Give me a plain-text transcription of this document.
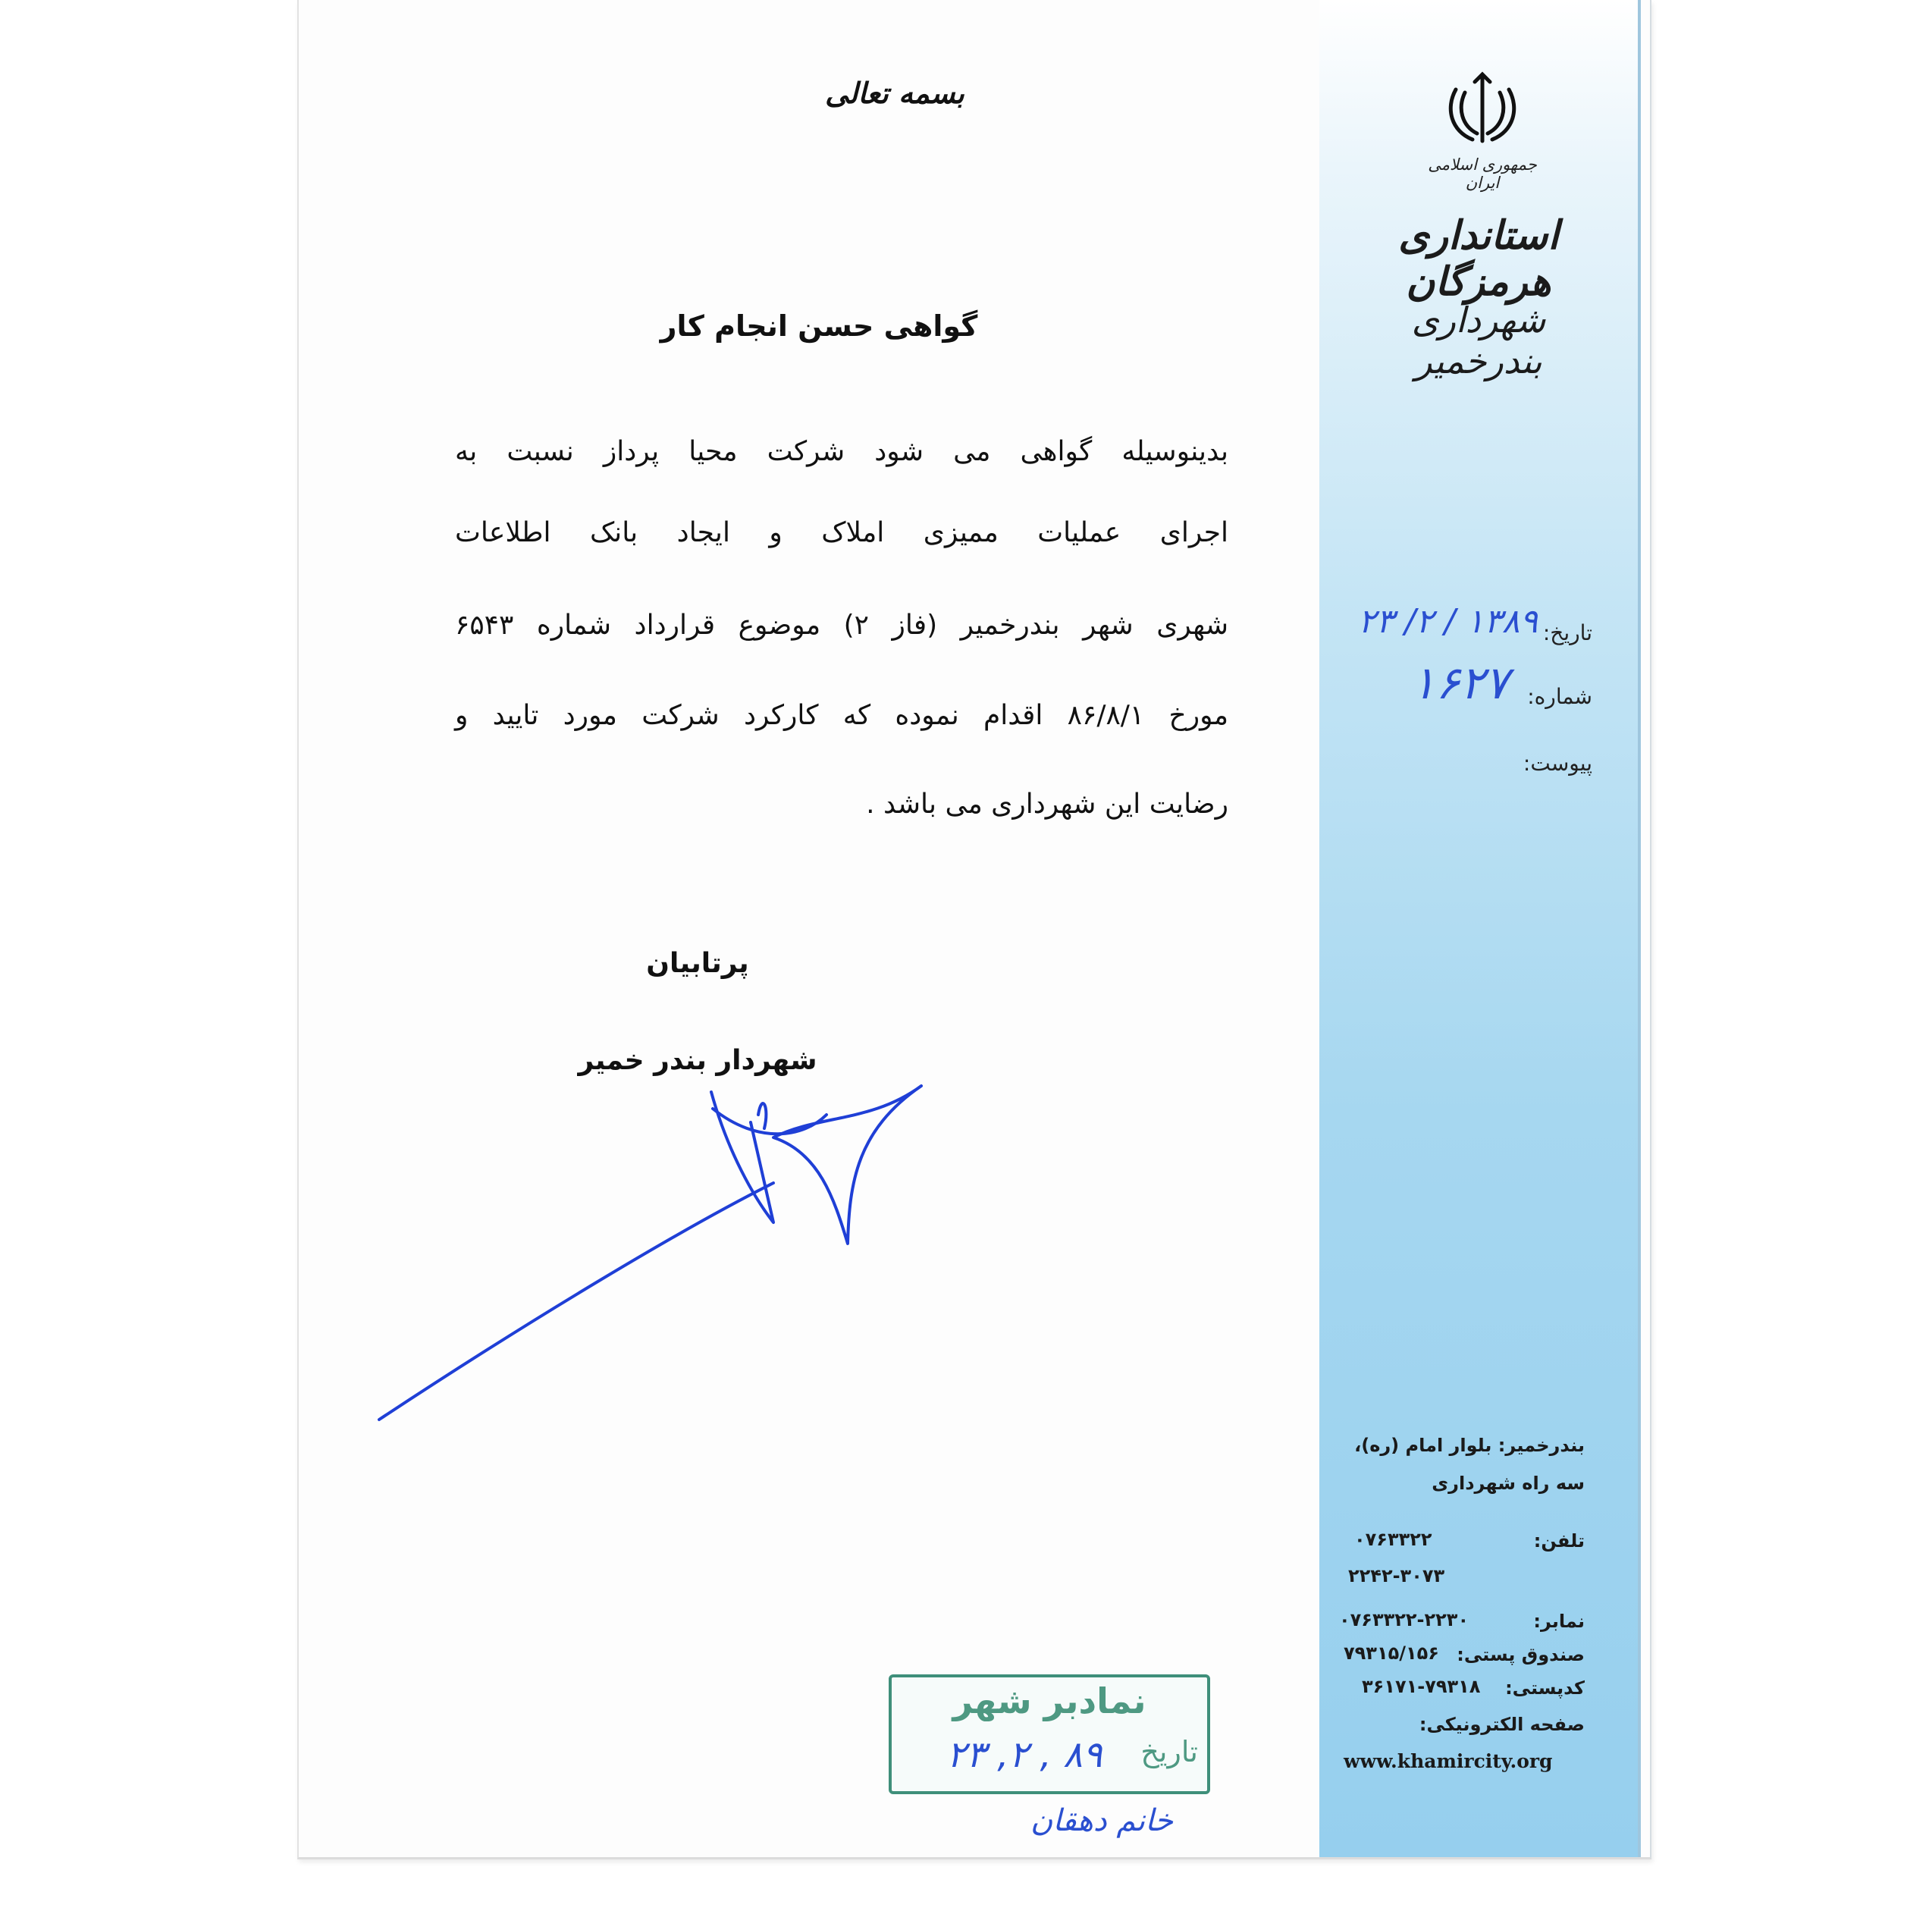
جمهوری اسلامی ایران
استانداری هرمزگان
شهرداری بندرخمیر
بسمه تعالی
گواهی حسن انجام کار
بدینوسیله گواهی می شود شرکت محیا پرداز نسبت به
اجرای عملیات ممیزی املاک و ایجاد بانک اطلاعات
شهری شهر بندرخمیر (فاز ۲) موضوع قرارداد شماره ۶۵۴۳
مورخ ۸۶/۸/۱ اقدام نموده که کارکرد شرکت مورد تایید و
رضایت این شهرداری می باشد .
پرتابیان
شهردار بندر خمیر
تاریخ:
۱۳۸۹ / ۲/ ۲۳
شماره:
۱۶۲۷
پیوست:
بندرخمیر: بلوار امام (ره)،
سه راه شهرداری
تلفن:
۰۷۶۳۳۲۲
۲۲۴۲-۳۰۷۳
نمابر:
۰۷۶۳۳۲۲-۲۲۳۰
صندوق پستی:
۷۹۳۱۵/۱۵۶
کدپستی:
۳۶۱۷۱-۷۹۳۱۸
صفحه الکترونیکی:
www.khamircity.org
نمادبر شهر
تاریخ
۸۹ , ۲, ۲۳
خانم دهقان
